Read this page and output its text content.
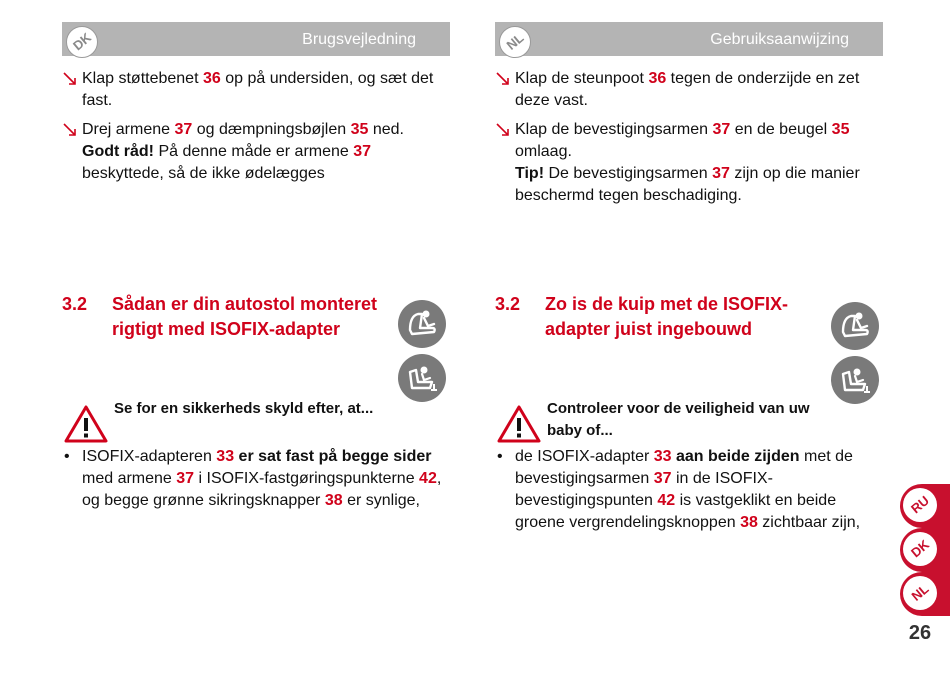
Brugsvejledning
DK
Klap støttebenet 36 op på undersiden, og sæt det fast.
Drej armene 37 og dæmpningsbøjlen 35 ned.
Godt råd! På denne måde er armene 37 beskyttede, så de ikke ødelægges
3.2 Sådan er din autostol monteret rigtigt med ISOFIX-adapter
Se for en sikkerheds skyld efter, at...
• ISOFIX-adapteren 33 er sat fast på begge sider med armene 37 i ISOFIX-fastgøringspunkterne 42, og begge grønne sikringsknapper 38 er synlige,
Gebruiksaanwijzing
NL
Klap de steunpoot 36 tegen de onderzijde en zet deze vast.
Klap de bevestigingsarmen 37 en de beugel 35 omlaag.
Tip! De bevestigingsarmen 37 zijn op die manier beschermd tegen beschadiging.
3.2 Zo is de kuip met de ISOFIX-adapter juist ingebouwd
Controleer voor de veiligheid van uw baby of...
• de ISOFIX-adapter 33 aan beide zijden met de bevestigingsarmen 37 in de ISOFIX-bevestigingspunten 42 is vastgeklikt en beide groene vergrendelingsknoppen 38 zichtbaar zijn,
RU
DK
NL
26
